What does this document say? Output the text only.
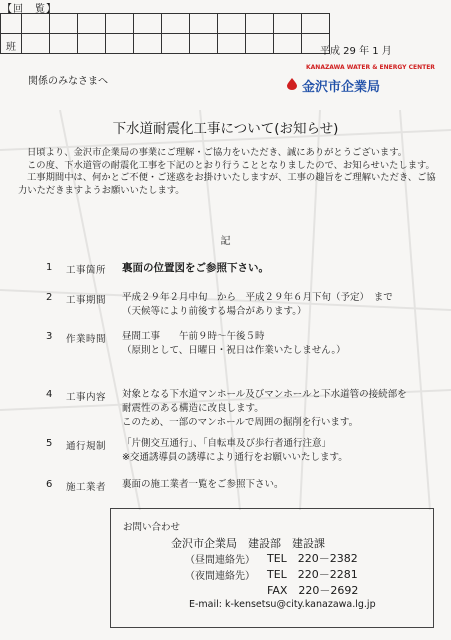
【回　覧】

班												平成 29 年 1 月
関係のみなさまへ
KANAZAWA WATER & ENERGY CENTER
金沢市企業局
下水道耐震化工事について(お知らせ)

日頃より、金沢市企業局の事業にご理解・ご協力をいただき、誠にありがとうございます。

この度、下水道管の耐震化工事を下記のとおり行うこととなりましたので、お知らせいたします。

工事期間中は、何かとご不便・ご迷惑をお掛けいたしますが、工事の趣旨をご理解いただき、ご協力いただきますようお願いいたします。

記
1 工事箇所 裏面の位置図をご参照下さい。
2 工事期間 平成２９年２月中旬　から　平成２９年６月下旬（予定）　まで
（天候等により前後する場合があります。）
3 作業時間 昼間工事　　午前９時～午後５時
（原則として、日曜日・祝日は作業いたしません。）
4 工事内容 対象となる下水道マンホール及びマンホールと下水道管の接続部を
耐震性のある構造に改良します。
このため、一部のマンホールで周囲の掘削を行います。
5 通行規制 「片側交互通行」、「自転車及び歩行者通行注意」
※交通誘導員の誘導により通行をお願いいたします。
6 施工業者 裏面の施工業者一覧をご参照下さい。
お問い合わせ
金沢市企業局　建設部　建設課
（昼間連絡先） TEL　220－2382
（夜間連絡先） TEL　220－2281
FAX　220－2692
E-mail: k-kensetsu@city.kanazawa.lg.jp
